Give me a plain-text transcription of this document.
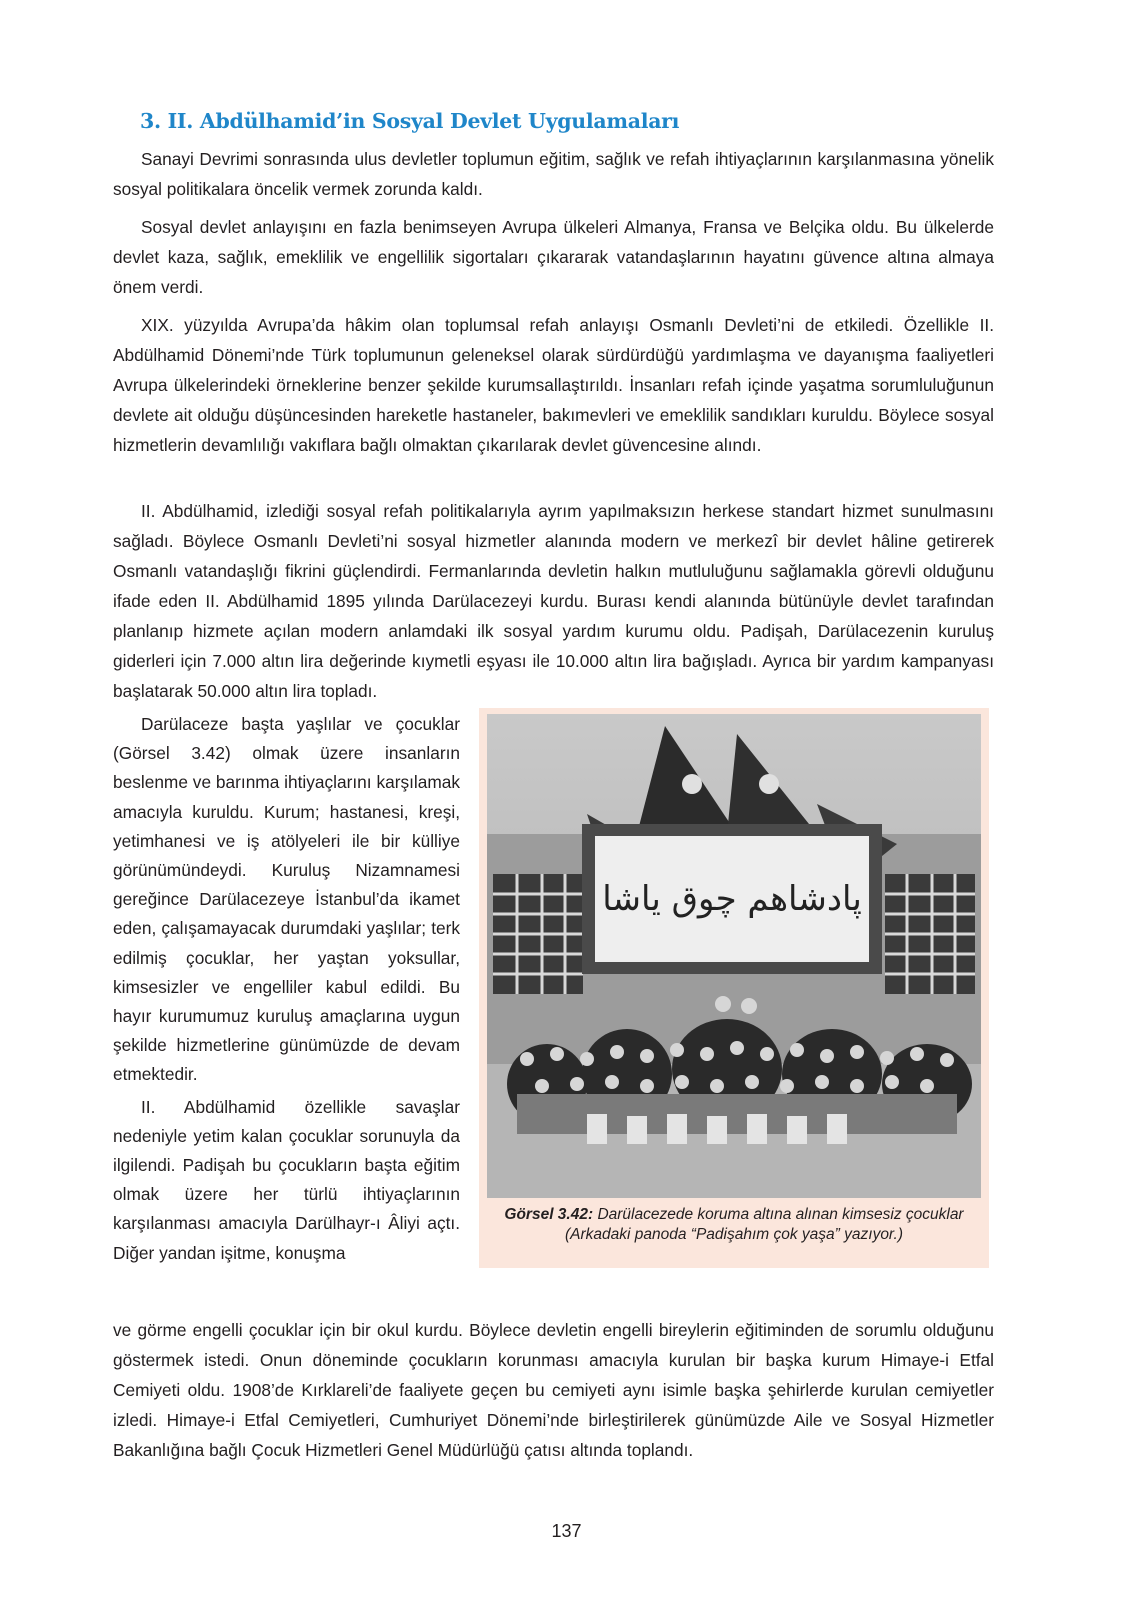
3. II. Abdülhamid’in Sosyal Devlet Uygulamaları

Sanayi Devrimi sonrasında ulus devletler toplumun eğitim, sağlık ve refah ihtiyaçlarının karşılanmasına yönelik sosyal politikalara öncelik vermek zorunda kaldı.

Sosyal devlet anlayışını en fazla benimseyen Avrupa ülkeleri Almanya, Fransa ve Belçika oldu. Bu ülkelerde devlet kaza, sağlık, emeklilik ve engellilik sigortaları çıkararak vatandaşlarının hayatını güvence altına almaya önem verdi.

XIX. yüzyılda Avrupa’da hâkim olan toplumsal refah anlayışı Osmanlı Devleti’ni de etkiledi. Özellikle II. Abdülhamid Dönemi’nde Türk toplumunun geleneksel olarak sürdürdüğü yardımlaşma ve dayanışma faaliyetleri Avrupa ülkelerindeki örneklerine benzer şekilde kurumsallaştırıldı. İnsanları refah içinde yaşatma sorumluluğunun devlete ait olduğu düşüncesinden hareketle hastaneler, bakımevleri ve emeklilik sandıkları kuruldu. Böylece sosyal hizmetlerin devamlılığı vakıflara bağlı olmaktan çıkarılarak devlet güvencesine alındı.

II. Abdülhamid, izlediği sosyal refah politikalarıyla ayrım yapılmaksızın herkese standart hizmet sunulmasını sağladı. Böylece Osmanlı Devleti’ni sosyal hizmetler alanında modern ve merkezî bir devlet hâline getirerek Osmanlı vatandaşlığı fikrini güçlendirdi. Fermanlarında devletin halkın mutluluğunu sağlamakla görevli olduğunu ifade eden II. Abdülhamid 1895 yılında Darülacezeyi kurdu. Burası kendi alanında bütünüyle devlet tarafından planlanıp hizmete açılan modern anlamdaki ilk sosyal yardım kurumu oldu. Padişah, Darülacezenin kuruluş giderleri için 7.000 altın lira değerinde kıymetli eşyası ile 10.000 altın lira bağışladı. Ayrıca bir yardım kampanyası başlatarak 50.000 altın lira topladı.

Darülaceze başta yaşlılar ve çocuklar (Görsel 3.42) olmak üzere insanların beslenme ve barınma ihtiyaçlarını karşılamak amacıyla kuruldu. Kurum; hastanesi, kreşi, yetimhanesi ve iş atölyeleri ile bir külliye görünümündeydi. Kuruluş Nizamnamesi gereğince Darülacezeye İstanbul’da ikamet eden, çalışamayacak durumdaki yaşlılar; terk edilmiş çocuklar, her yaştan yoksullar, kimsesizler ve engelliler kabul edildi. Bu hayır kurumumuz kuruluş amaçlarına uygun şekilde hizmetlerine günümüzde de devam etmektedir.

II. Abdülhamid özellikle savaşlar nedeniyle yetim kalan çocuklar sorunuyla da ilgilendi. Padişah bu çocukların başta eğitim olmak üzere her türlü ihtiyaçlarının karşılanması amacıyla Darülhayr-ı Âliyi açtı. Diğer yandan işitme, konuşma

ve görme engelli çocuklar için bir okul kurdu. Böylece devletin engelli bireylerin eğitiminden de sorumlu olduğunu göstermek istedi. Onun döneminde çocukların korunması amacıyla kurulan bir başka kurum Himaye-i Etfal Cemiyeti oldu. 1908’de Kırklareli’de faaliyete geçen bu cemiyeti aynı isimle başka şehirlerde kurulan cemiyetler izledi. Himaye-i Etfal Cemiyetleri, Cumhuriyet Dönemi’nde birleştirilerek günümüzde Aile ve Sosyal Hizmetler Bakanlığına bağlı Çocuk Hizmetleri Genel Müdürlüğü çatısı altında toplandı.

پادشاهم چوق یاشا
Görsel 3.42: Darülacezede koruma altına alınan kimsesiz çocuklar (Arkadaki panoda “Padişahım çok yaşa” yazıyor.)
137
